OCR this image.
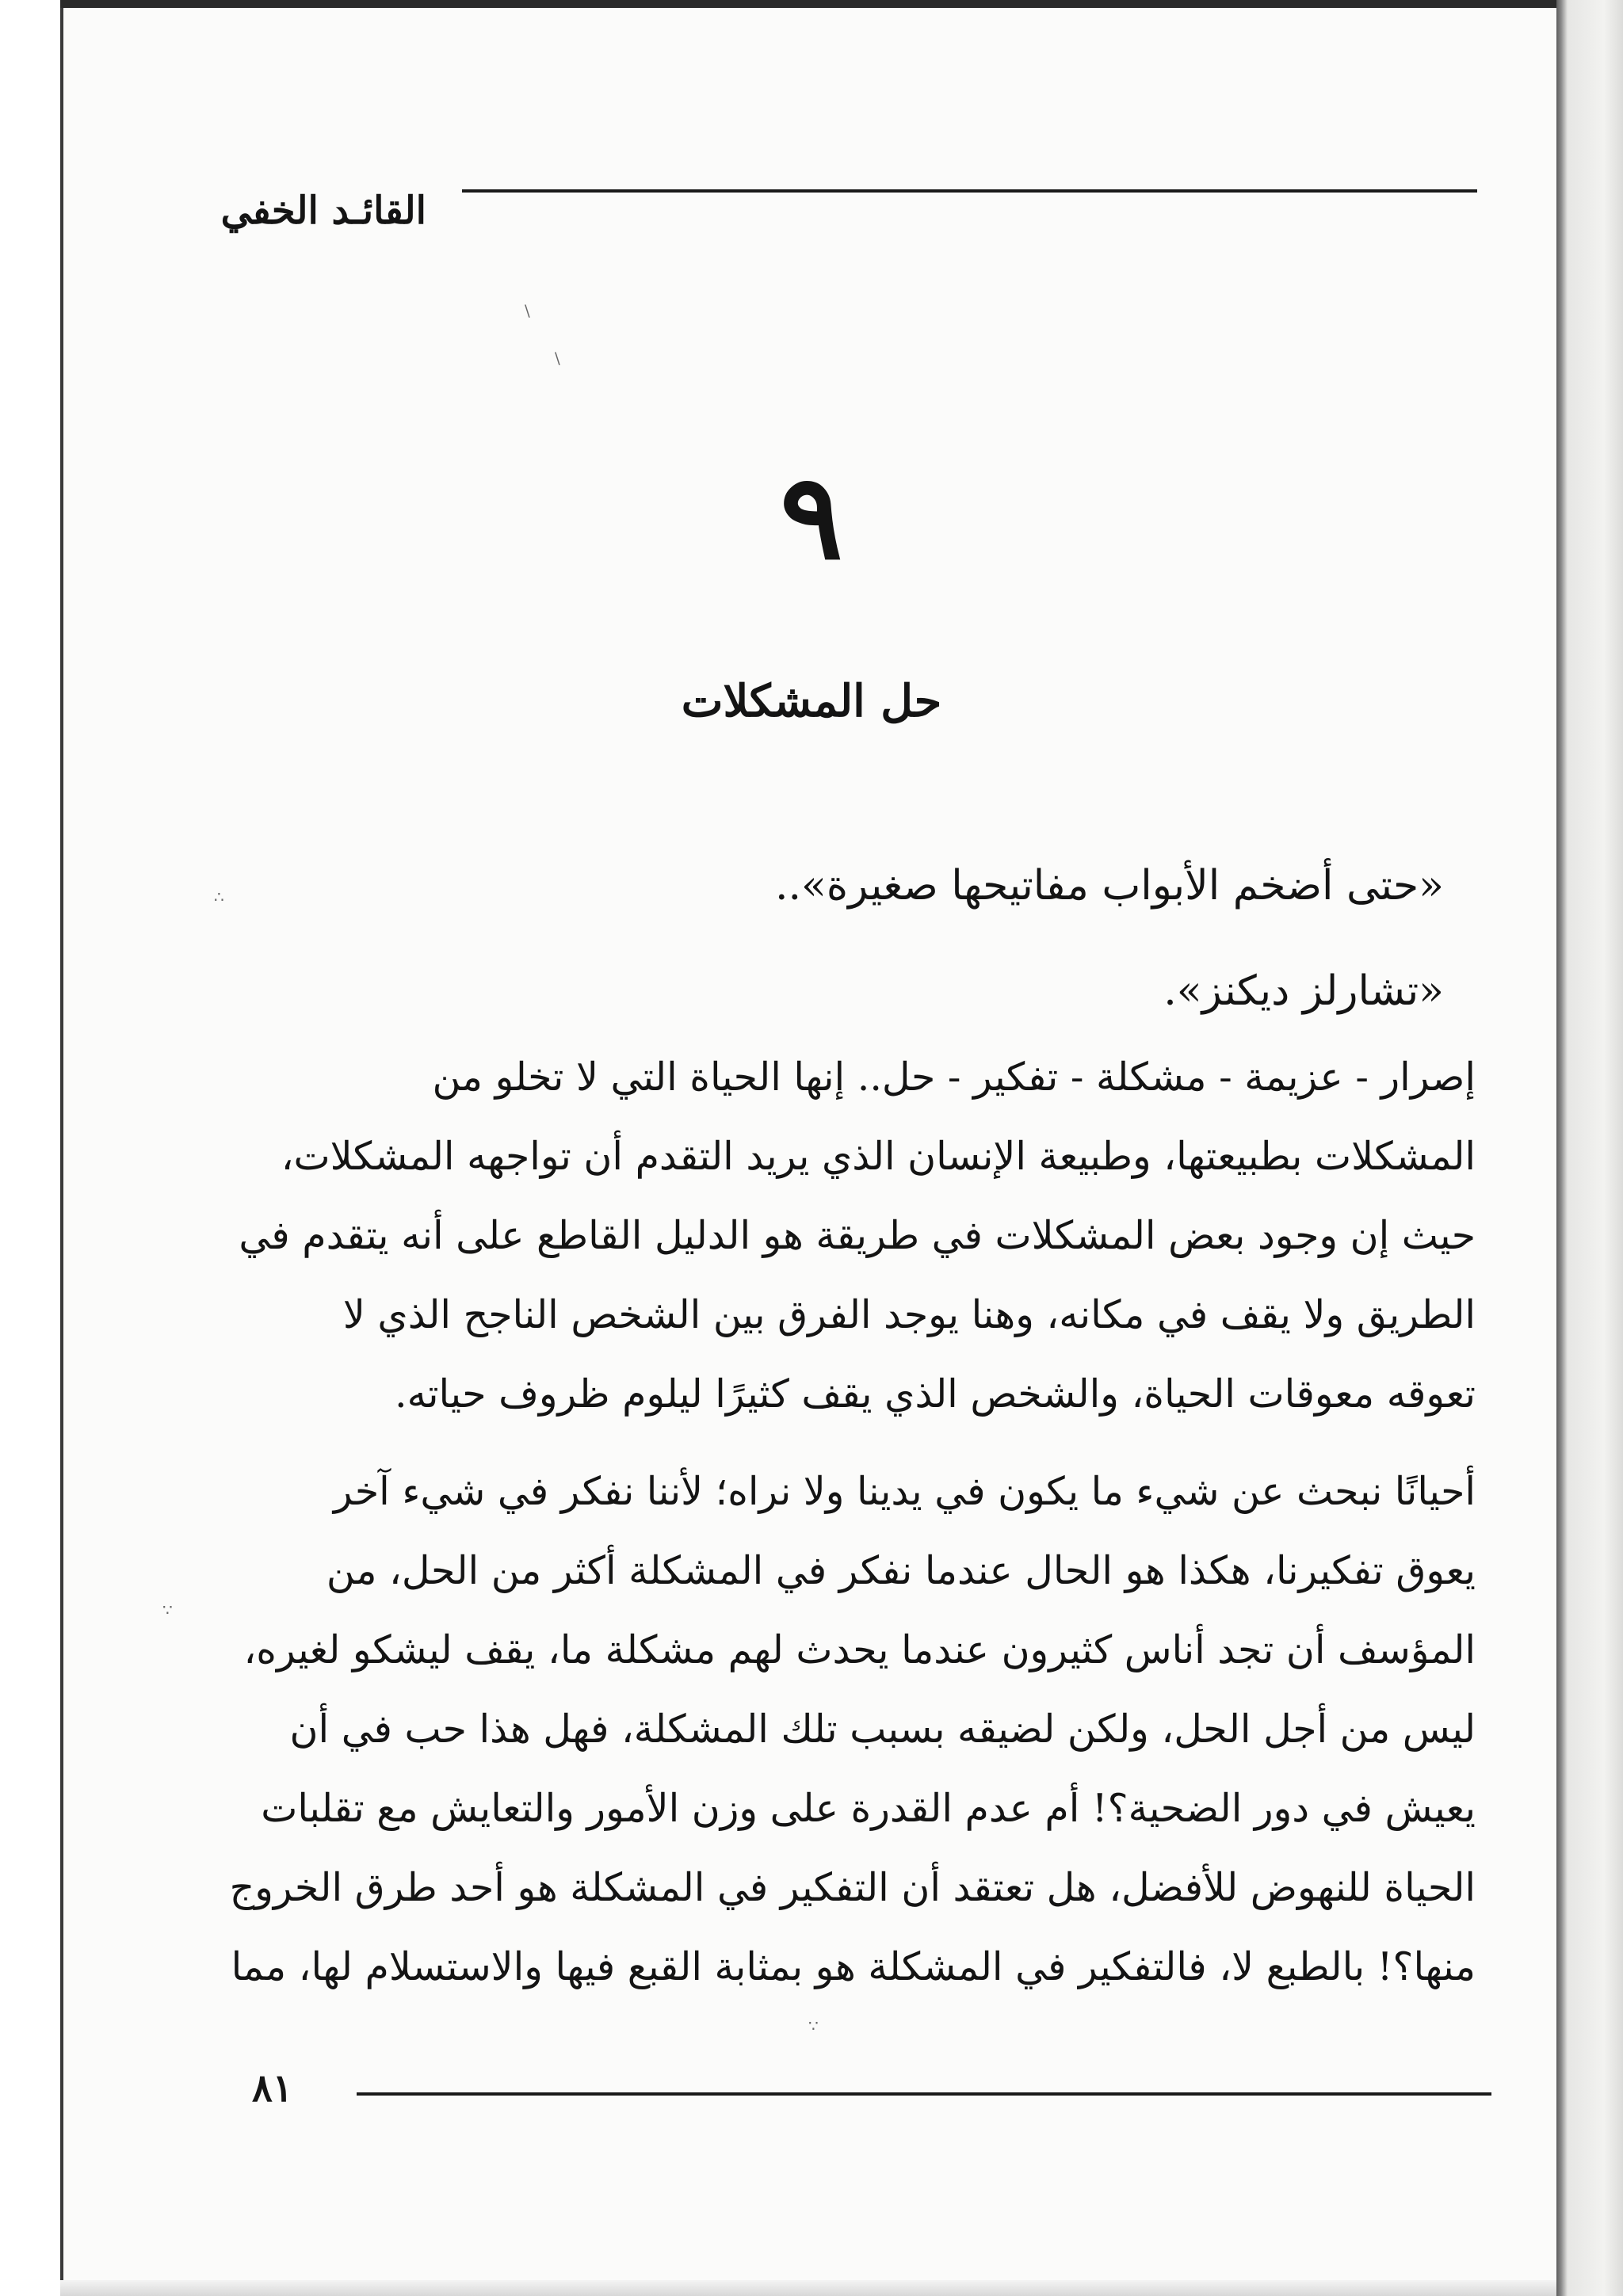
القائـد الخفي
٩
حل المشكلات
«حتى أضخم الأبواب مفاتيحها صغيرة»..
«تشارلز ديكنز».
إصرار - عزيمة - مشكلة - تفكير - حل.. إنها الحياة التي لا تخلو من
المشكلات بطبيعتها، وطبيعة الإنسان الذي يريد التقدم أن تواجهه المشكلات،
حيث إن وجود بعض المشكلات في طريقة هو الدليل القاطع على أنه يتقدم في
الطريق ولا يقف في مكانه، وهنا يوجد الفرق بين الشخص الناجح الذي لا
تعوقه معوقات الحياة، والشخص الذي يقف كثيرًا ليلوم ظروف حياته.
أحيانًا نبحث عن شيء ما يكون في يدينا ولا نراه؛ لأننا نفكر في شيء آخر
يعوق تفكيرنا، هكذا هو الحال عندما نفكر في المشكلة أكثر من الحل، من
المؤسف أن تجد أناس كثيرون عندما يحدث لهم مشكلة ما، يقف ليشكو لغيره،
ليس من أجل الحل، ولكن لضيقه بسبب تلك المشكلة، فهل هذا حب في أن
يعيش في دور الضحية؟! أم عدم القدرة على وزن الأمور والتعايش مع تقلبات
الحياة للنهوض للأفضل، هل تعتقد أن التفكير في المشكلة هو أحد طرق الخروج
منها؟! بالطبع لا، فالتفكير في المشكلة هو بمثابة القبع فيها والاستسلام لها، مما
٨١
\
\
∴
∵
∵
